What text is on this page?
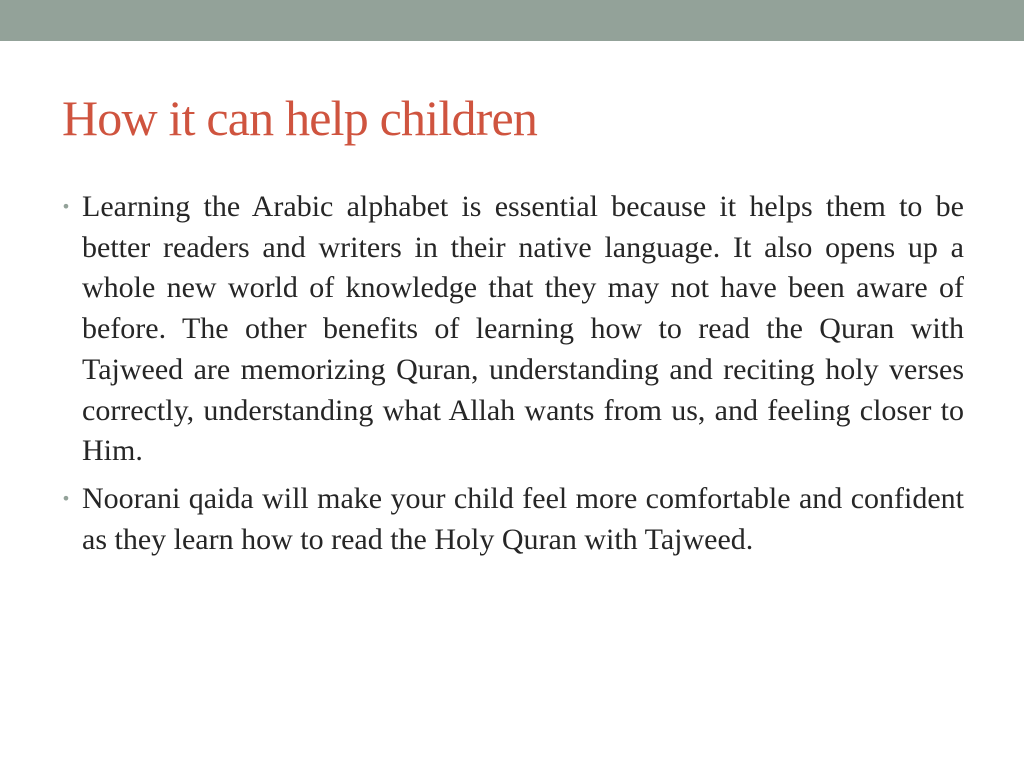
How it can help children
• Learning the Arabic alphabet is essential because it helps them to be better readers and writers in their native language. It also opens up a whole new world of knowledge that they may not have been aware of before. The other benefits of learning how to read the Quran with Tajweed are memorizing Quran, understanding and reciting holy verses correctly, understanding what Allah wants from us, and feeling closer to Him.
• Noorani qaida will make your child feel more comfortable and confident as they learn how to read the Holy Quran with Tajweed.
